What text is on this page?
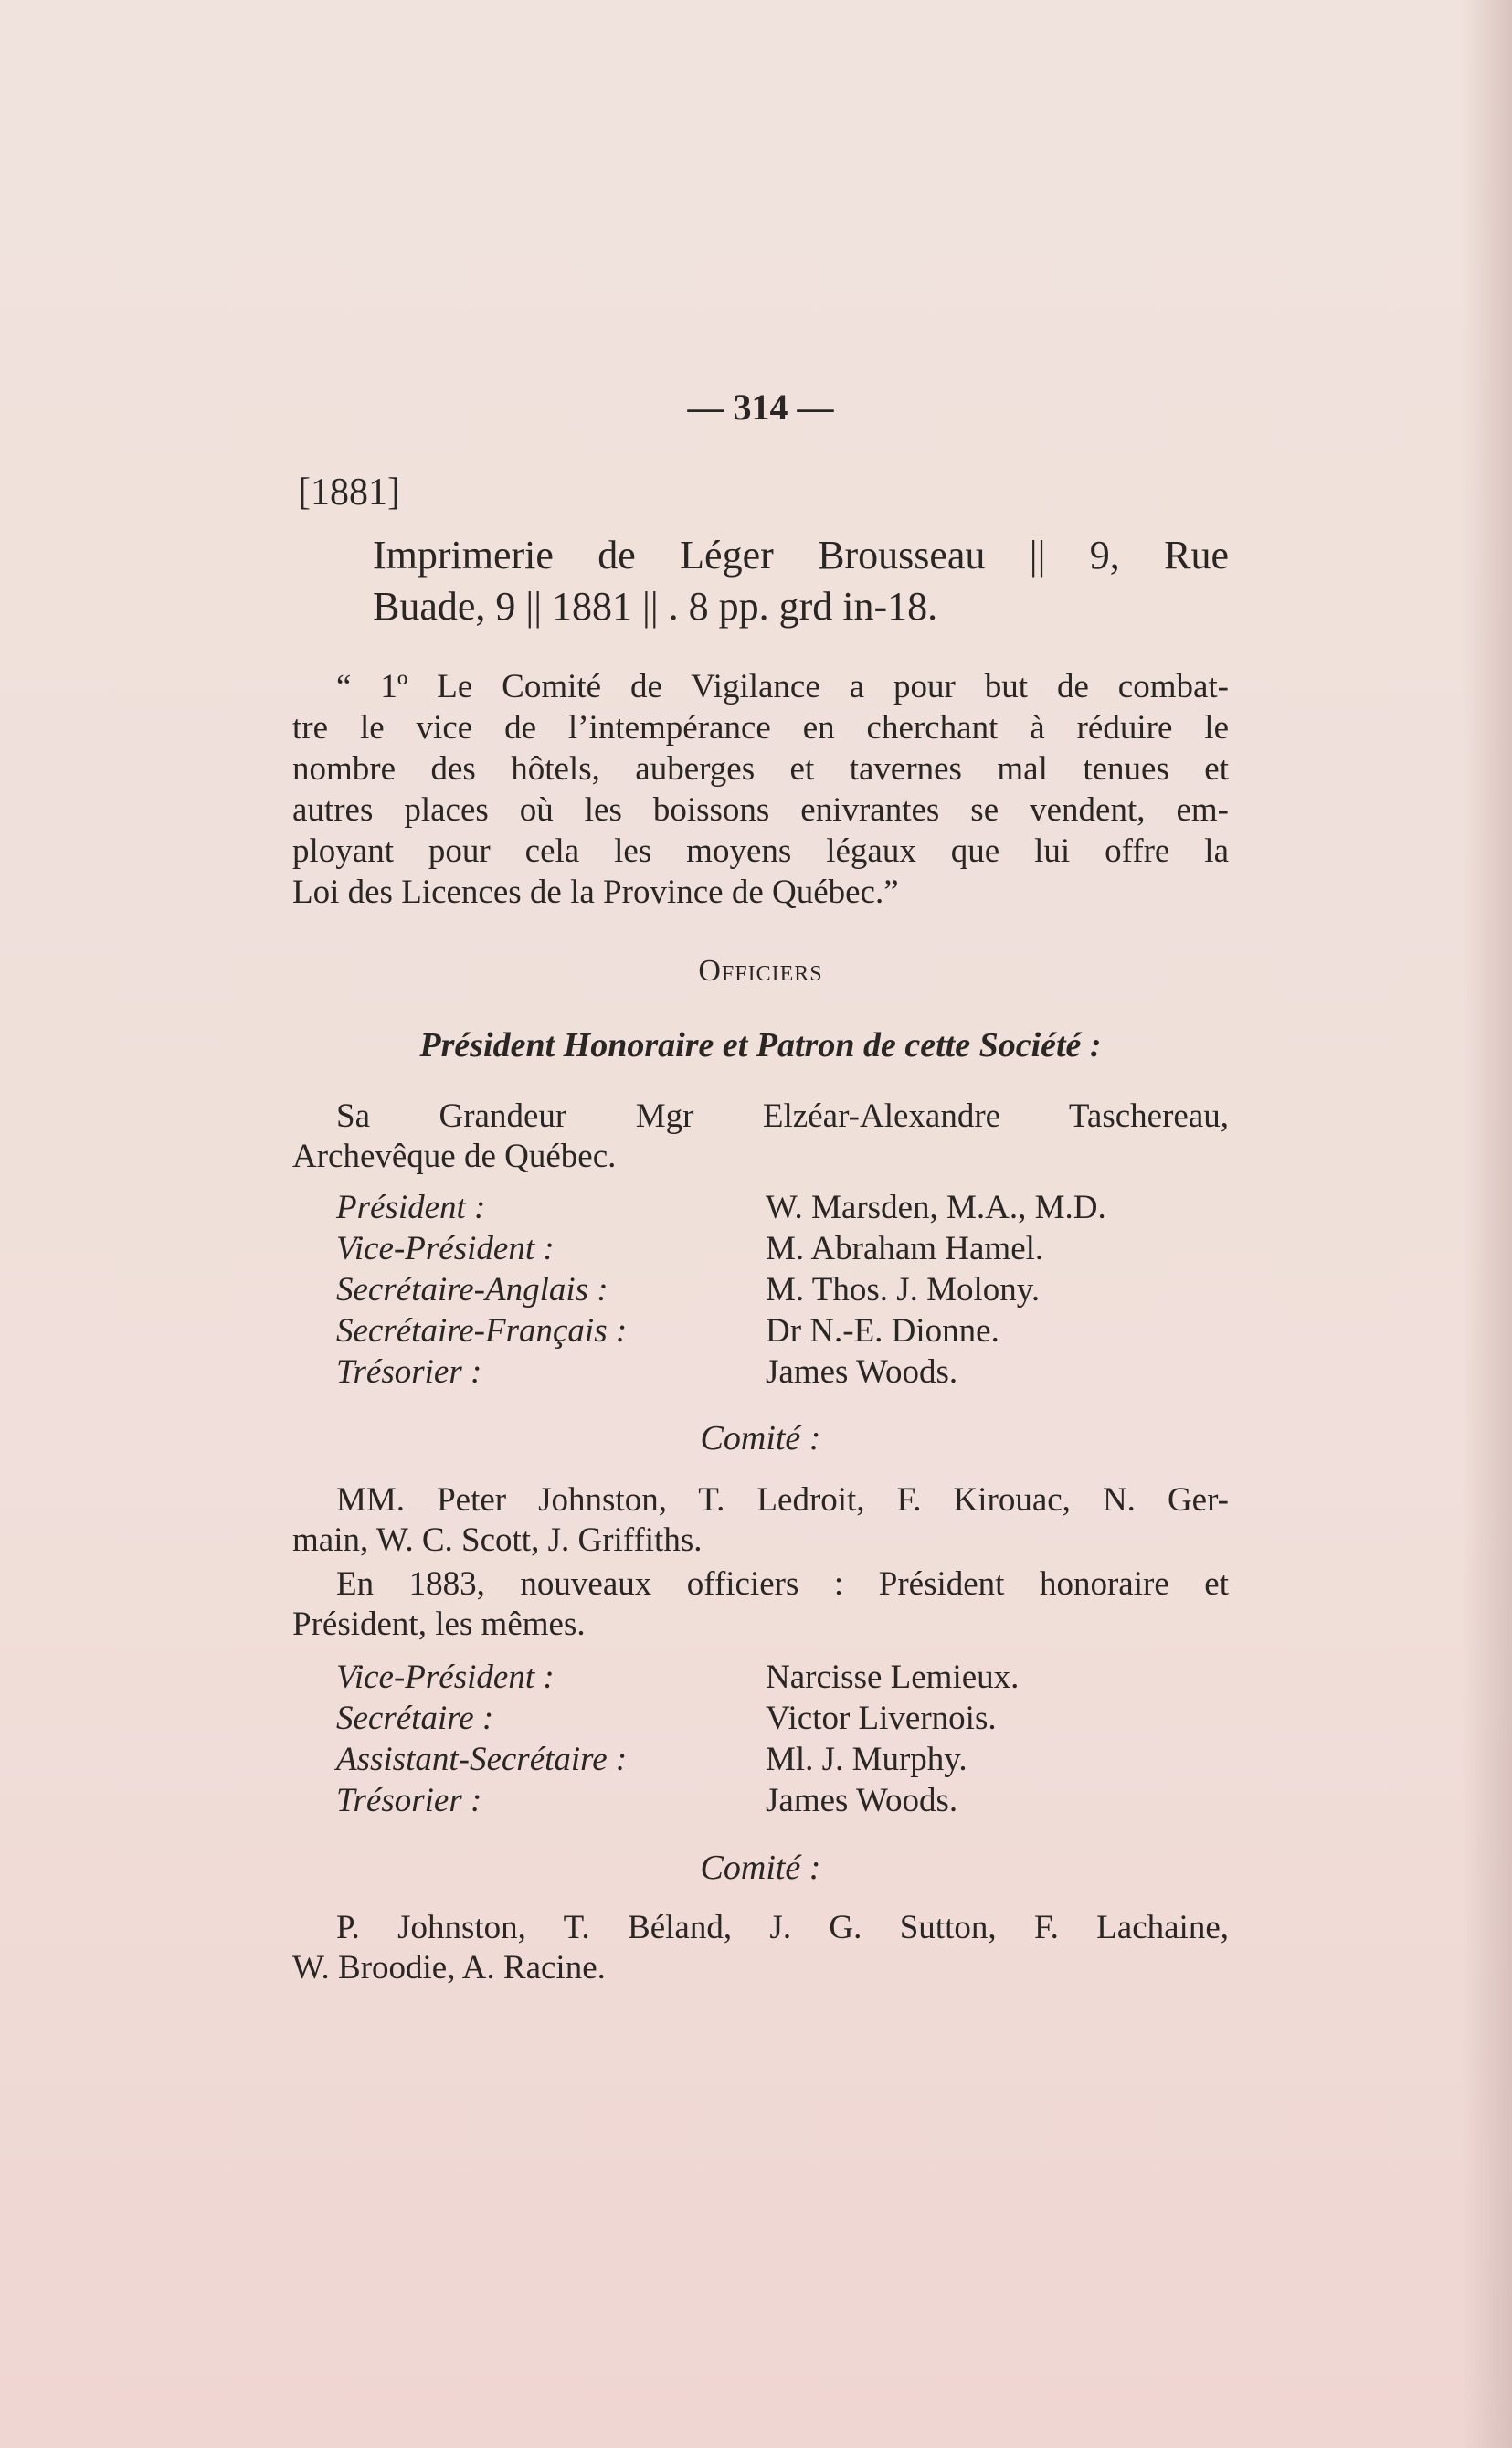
— 314 —
[1881]

Imprimerie de Léger Brousseau || 9, Rue

Buade, 9 || 1881 || . 8 pp. grd in-18.

“ 1º Le Comité de Vigilance a pour but de combat-

tre le vice de l’intempérance en cherchant à réduire le

nombre des hôtels, auberges et tavernes mal tenues et

autres places où les boissons enivrantes se vendent, em-

ployant pour cela les moyens légaux que lui offre la

Loi des Licences de la Province de Québec.”

Officiers
Président Honoraire et Patron de cette Société :

Sa Grandeur Mgr Elzéar-Alexandre Taschereau,

Archevêque de Québec.

Président :	W. Marsden, M.A., M.D.
Vice-Président :	M. Abraham Hamel.
Secrétaire-Anglais :	M. Thos. J. Molony.
Secrétaire-Français :	Dr N.-E. Dionne.
Trésorier :	James Woods.
Comité :

MM. Peter Johnston, T. Ledroit, F. Kirouac, N. Ger-

main, W. C. Scott, J. Griffiths.

En 1883, nouveaux officiers : Président honoraire et

Président, les mêmes.

Vice-Président :	Narcisse Lemieux.
Secrétaire :	Victor Livernois.
Assistant-Secrétaire :	Ml. J. Murphy.
Trésorier :	James Woods.
Comité :

P. Johnston, T. Béland, J. G. Sutton, F. Lachaine,

W. Broodie, A. Racine.
